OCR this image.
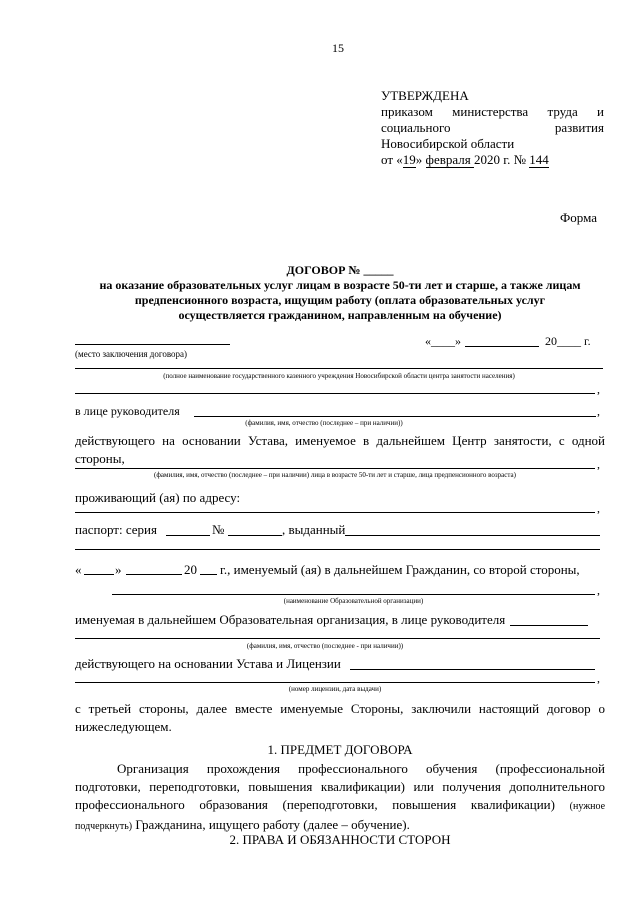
15
УТВЕРЖДЕНА
приказом министерства труда и
социального	развития
Новосибирской области
от «19» февраля 2020 г. № 144
Форма
ДОГОВОР № _____
на оказание образовательных услуг лицам в возрасте 50-ти лет и старше, а также лицам
предпенсионного возраста, ищущим работу (оплата образовательных услуг
осуществляется гражданином, направленным на обучение)
(место заключения договора)
«____»	20____ г.
(полное наименование государственного казенного учреждения Новосибирской области центра занятости населения)
,
в лице руководителя	,
(фамилия, имя, отчество (последнее – при наличии))
действующего на основании Устава, именуемое в дальнейшем Центр занятости, с одной стороны,	,
(фамилия, имя, отчество (последнее – при наличии) лица в возрасте 50-ти лет и старше, лица предпенсионного возраста)
проживающий (ая) по адресу:
,
паспорт: серия	№	, выданный
«	»	20 г., именуемый (ая) в дальнейшем Гражданин, со второй стороны,
,
(наименование Образовательной организации)
именуемая в дальнейшем Образовательная организация, в лице руководителя
(фамилия, имя, отчество (последнее - при наличии))
действующего на основании Устава и Лицензии
,
(номер лицензии, дата выдачи)
с третьей стороны, далее вместе именуемые Стороны, заключили настоящий договор о нижеследующем.
1. ПРЕДМЕТ ДОГОВОРА
Организация прохождения профессионального обучения (профессиональной подготовки, переподготовки, повышения квалификации) или получения дополнительного профессионального образования (переподготовки, повышения квалификации) (нужное подчеркнуть) Гражданина, ищущего работу (далее – обучение).
2. ПРАВА И ОБЯЗАННОСТИ СТОРОН
